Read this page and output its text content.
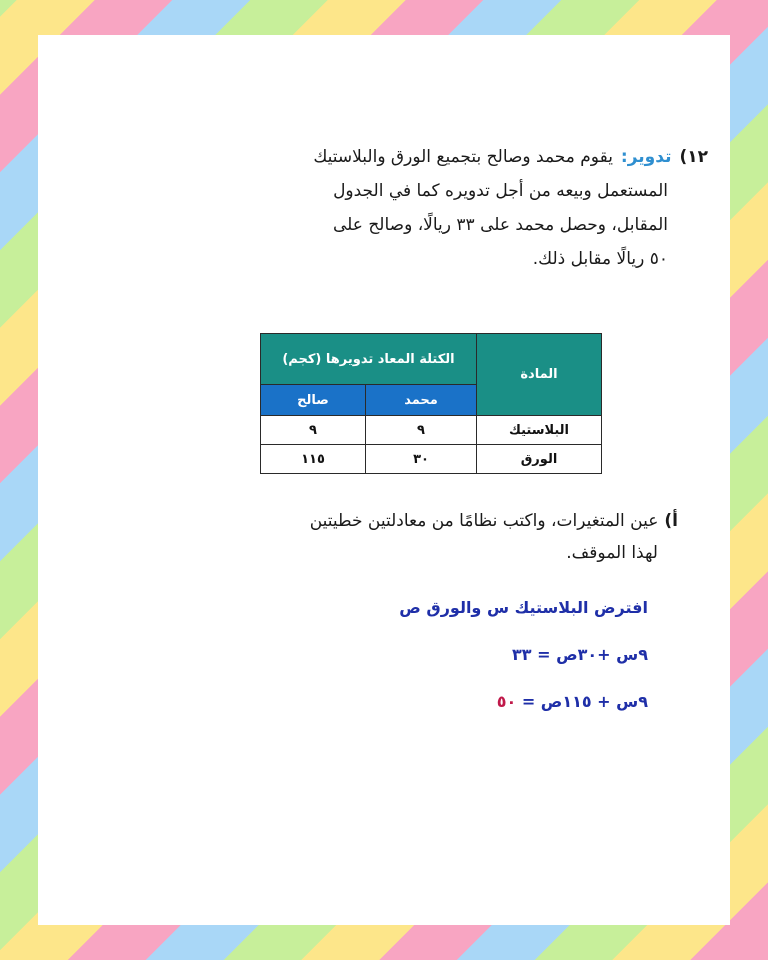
١٢)تدوير:يقوم محمد وصالح بتجميع الورق والبلاستيك
المستعمل وبيعه من أجل تدويره كما في الجدول
المقابل، وحصل محمد على ٣٣ ريالًا، وصالح على
٥٠ ريالًا مقابل ذلك.
المادة	الكتلة المعاد تدويرها (كجم)	
	محمد	صالح
البلاستيك	٩	٩
الورق	٣٠	١١٥
أ)عين المتغيرات، واكتب نظامًا من معادلتين خطيتين
لهذا الموقف.
افترض البلاستيك س والورق ص
٩س +٣٠ص = ٣٣
٩س + ١١٥ص = ٥٠
